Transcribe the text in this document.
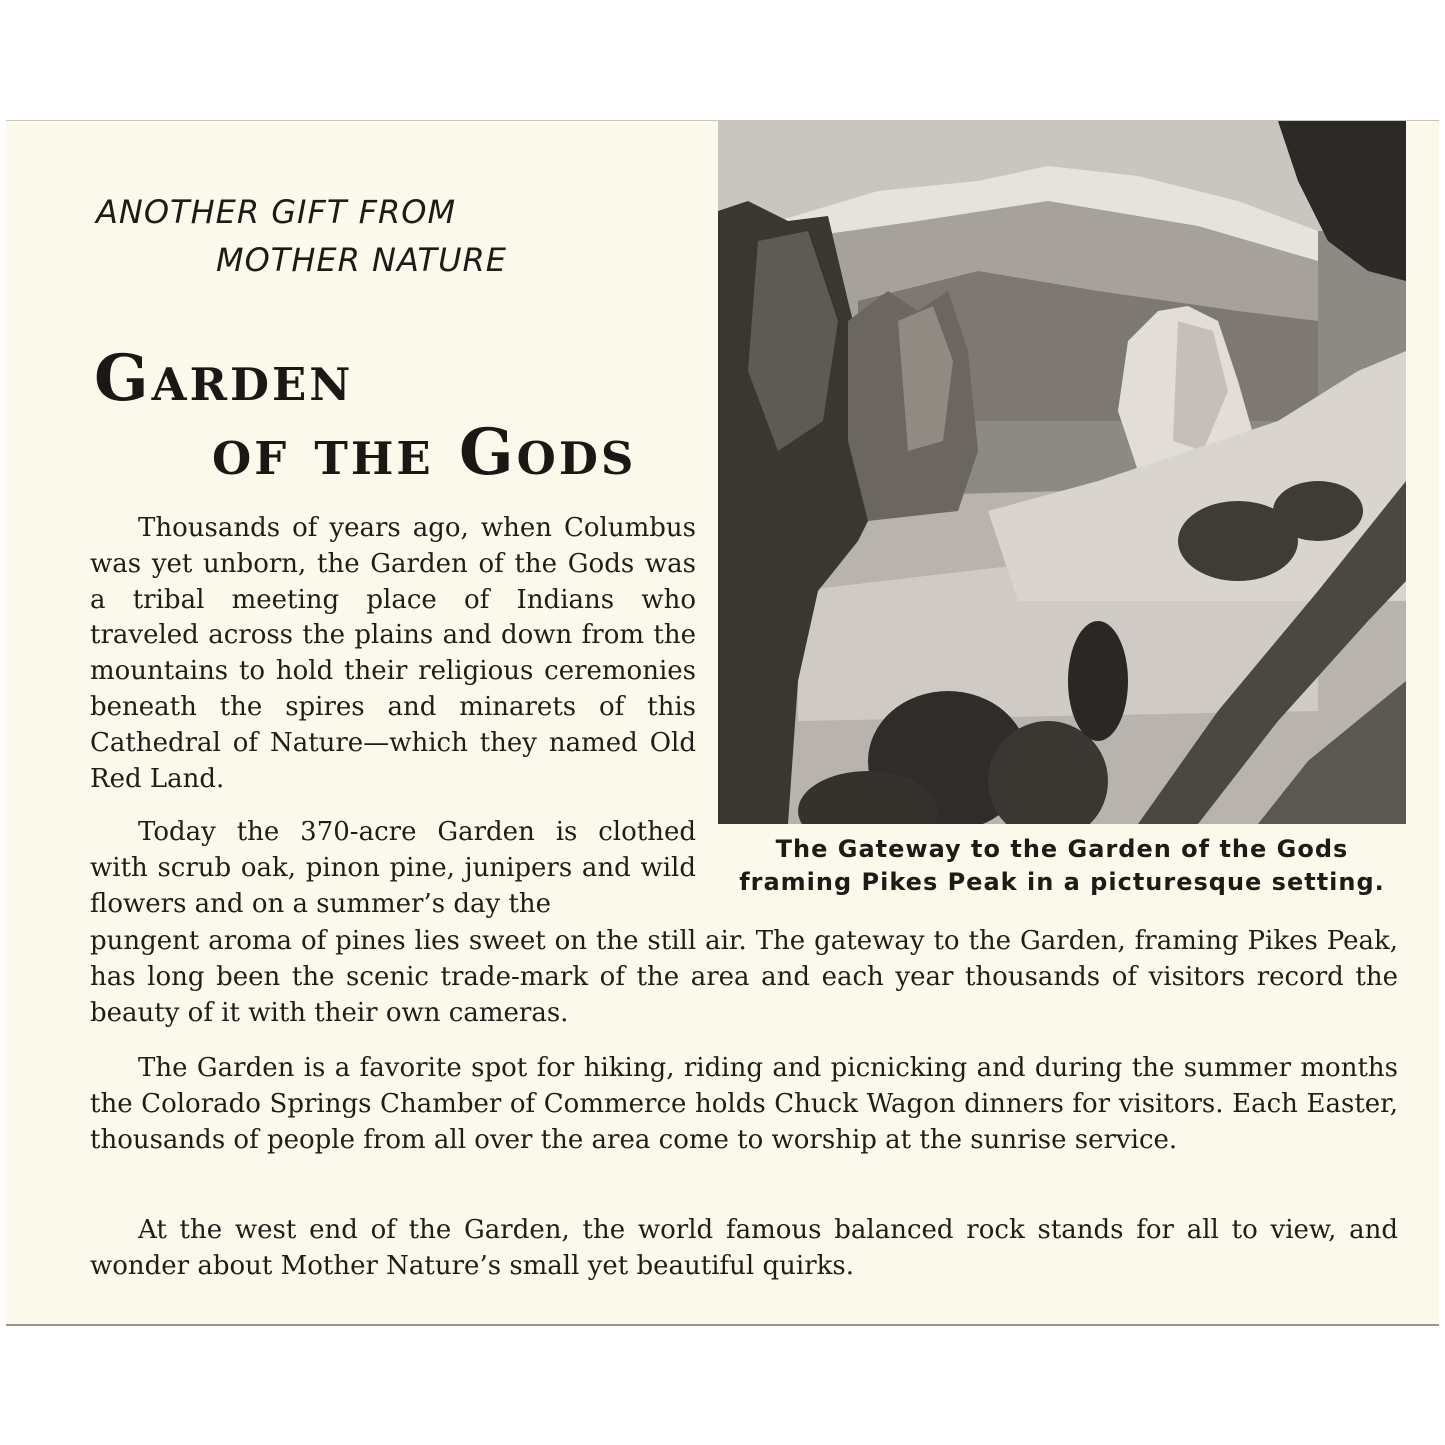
ANOTHER GIFT FROM
MOTHER NATURE
Garden
of the Gods

Thousands of years ago, when Columbus was yet unborn, the Garden of the Gods was a tribal meeting place of Indians who traveled across the plains and down from the mountains to hold their religious ceremonies beneath the spires and minarets of this Cathedral of Nature—which they named Old Red Land.

Today the 370-acre Garden is clothed with scrub oak, pinon pine, junipers and wild flowers and on a summer’s day the

pungent aroma of pines lies sweet on the still air. The gateway to the Garden, framing Pikes Peak, has long been the scenic trade-mark of the area and each year thousands of visitors record the beauty of it with their own cameras.

The Garden is a favorite spot for hiking, riding and picnicking and during the summer months the Colorado Springs Chamber of Commerce holds Chuck Wagon dinners for visitors. Each Easter, thousands of people from all over the area come to worship at the sunrise service.

At the west end of the Garden, the world famous balanced rock stands for all to view, and wonder about Mother Nature’s small yet beautiful quirks.

The Gateway to the Garden of the Gods
framing Pikes Peak in a picturesque setting.
